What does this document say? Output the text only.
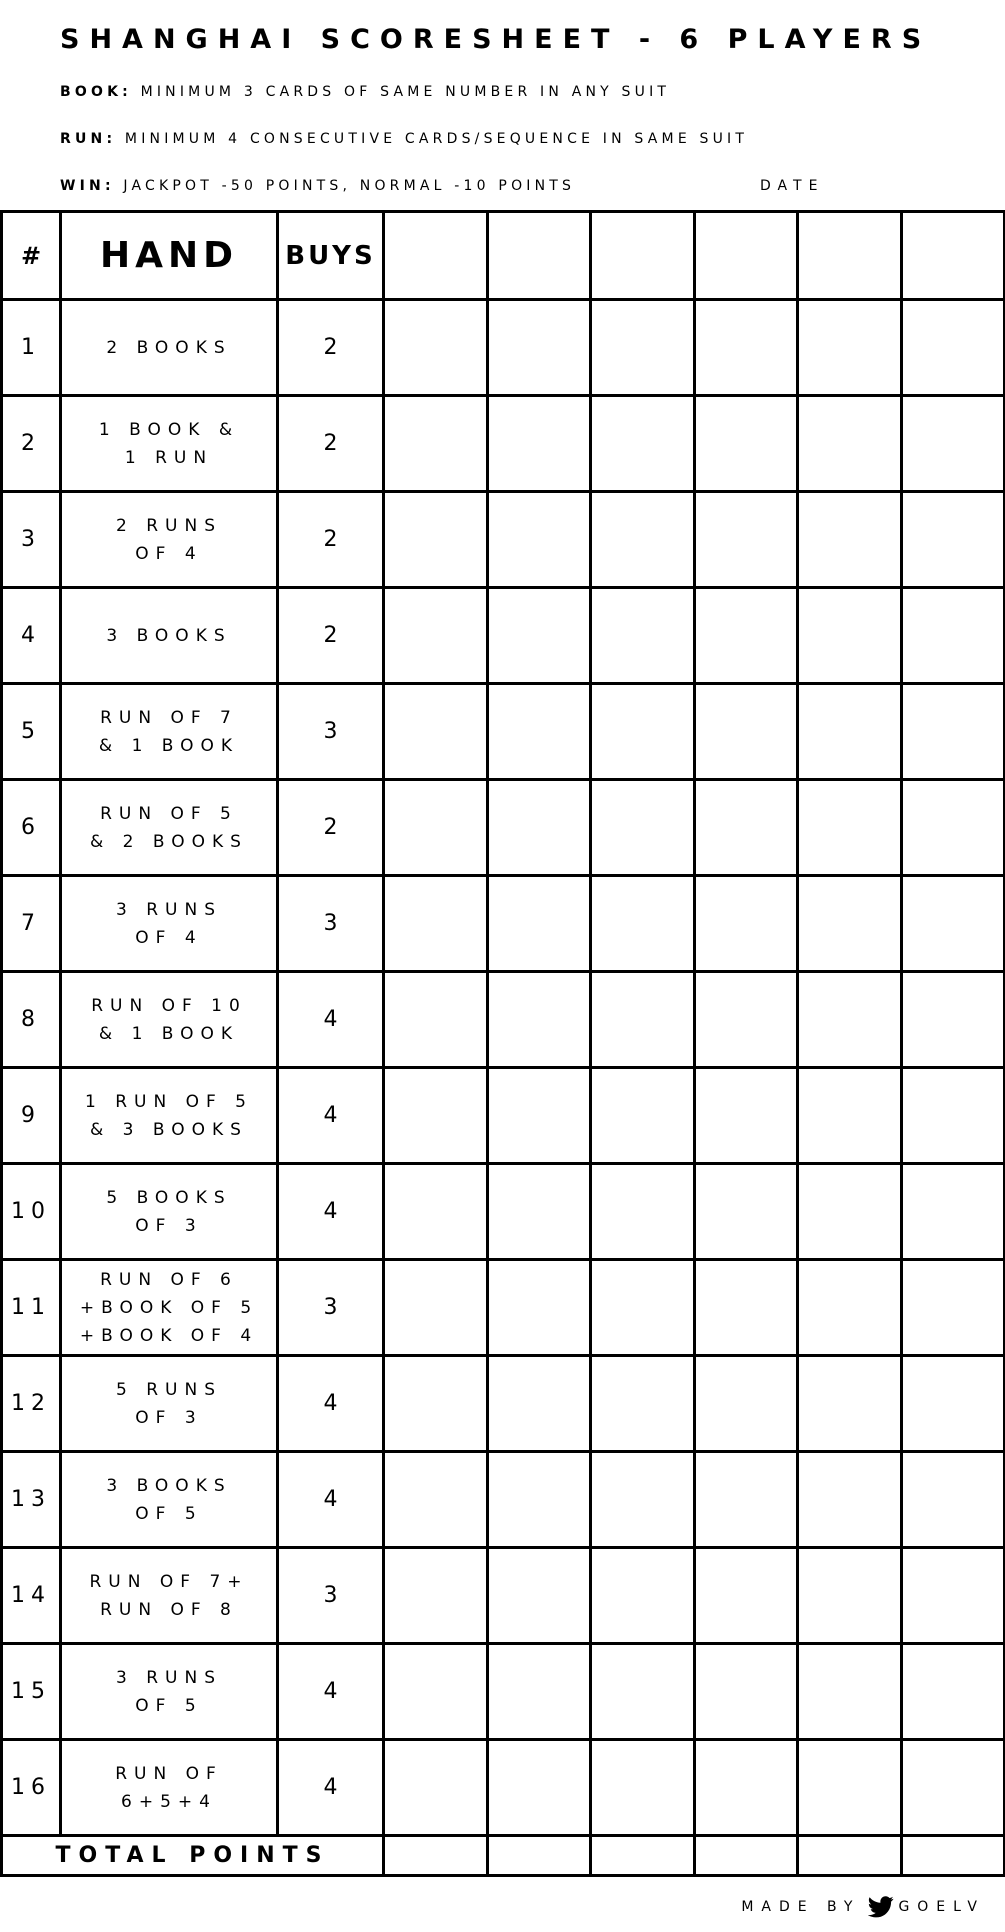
SHANGHAI SCORESHEET - 6 PLAYERS
BOOK: MINIMUM 3 CARDS OF SAME NUMBER IN ANY SUIT
RUN: MINIMUM 4 CONSECUTIVE CARDS/SEQUENCE IN SAME SUIT
WIN: JACKPOT -50 POINTS, NORMAL -10 POINTS	DATE
#	HAND	BUYS						
1	2 BOOKS	2						
2	1 BOOK &
1 RUN	2						
3	2 RUNS
OF 4	2						
4	3 BOOKS	2						
5	RUN OF 7
& 1 BOOK	3						
6	RUN OF 5
& 2 BOOKS	2						
7	3 RUNS
OF 4	3						
8	RUN OF 10
& 1 BOOK	4						
9	1 RUN OF 5
& 3 BOOKS	4						
10	5 BOOKS
OF 3	4						
11	RUN OF 6
+BOOK OF 5
+BOOK OF 4	3						
12	5 RUNS
OF 3	4						
13	3 BOOKS
OF 5	4						
14	RUN OF 7+
RUN OF 8	3						
15	3 RUNS
OF 5	4						
16	RUN OF
6+5+4	4						
TOTAL POINTS								
MADE BY	GOELV
